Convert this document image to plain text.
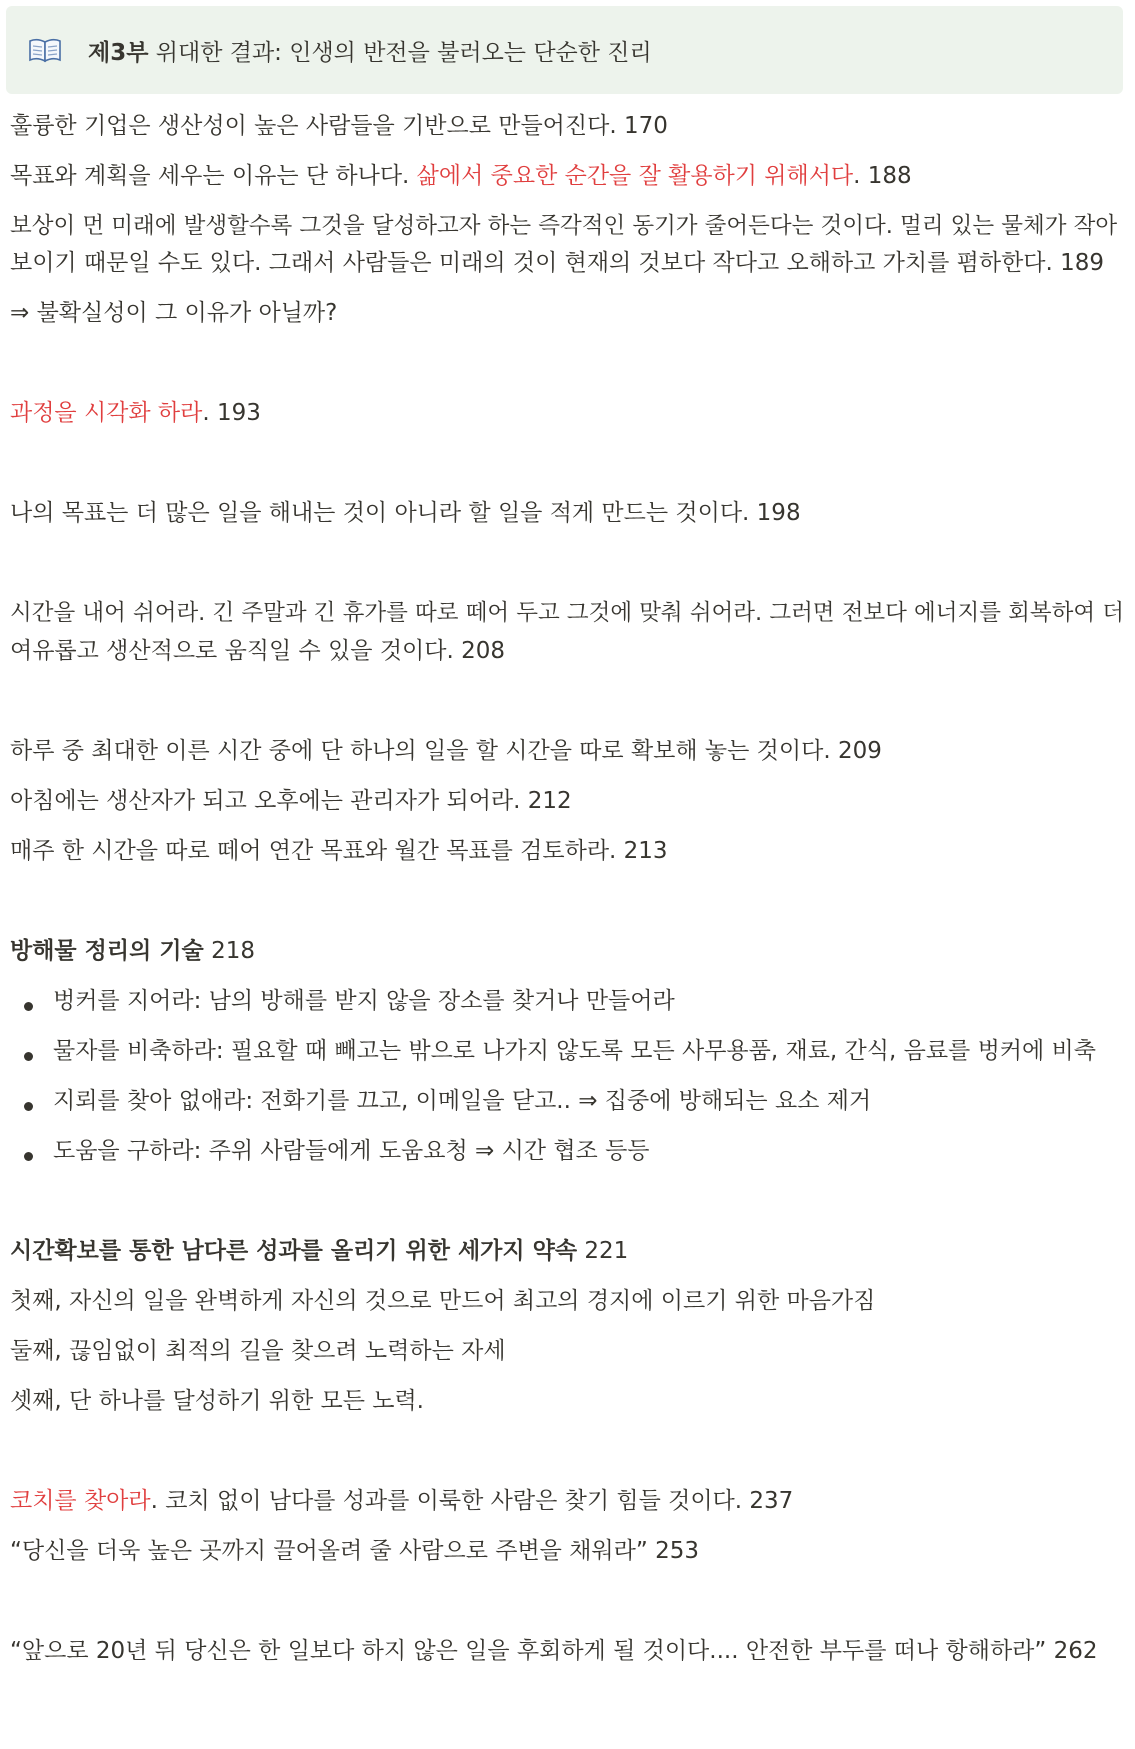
제3부 위대한 결과: 인생의 반전을 불러오는 단순한 진리
훌륭한 기업은 생산성이 높은 사람들을 기반으로 만들어진다. 170
목표와 계획을 세우는 이유는 단 하나다. 삶에서 중요한 순간을 잘 활용하기 위해서다. 188
보상이 먼 미래에 발생할수록 그것을 달성하고자 하는 즉각적인 동기가 줄어든다는 것이다. 멀리 있는 물체가 작아
보이기 때문일 수도 있다. 그래서 사람들은 미래의 것이 현재의 것보다 작다고 오해하고 가치를 폄하한다. 189
⇒ 불확실성이 그 이유가 아닐까?
과정을 시각화 하라. 193
나의 목표는 더 많은 일을 해내는 것이 아니라 할 일을 적게 만드는 것이다. 198
시간을 내어 쉬어라. 긴 주말과 긴 휴가를 따로 떼어 두고 그것에 맞춰 쉬어라. 그러면 전보다 에너지를 회복하여 더
여유롭고 생산적으로 움직일 수 있을 것이다. 208
하루 중 최대한 이른 시간 중에 단 하나의 일을 할 시간을 따로 확보해 놓는 것이다. 209
아침에는 생산자가 되고 오후에는 관리자가 되어라. 212
매주 한 시간을 따로 떼어 연간 목표와 월간 목표를 검토하라. 213
방해물 정리의 기술 218
벙커를 지어라: 남의 방해를 받지 않을 장소를 찾거나 만들어라
물자를 비축하라: 필요할 때 빼고는 밖으로 나가지 않도록 모든 사무용품, 재료, 간식, 음료를 벙커에 비축
지뢰를 찾아 없애라: 전화기를 끄고, 이메일을 닫고.. ⇒ 집중에 방해되는 요소 제거
도움을 구하라: 주위 사람들에게 도움요청 ⇒ 시간 협조 등등
시간확보를 통한 남다른 성과를 올리기 위한 세가지 약속 221
첫째, 자신의 일을 완벽하게 자신의 것으로 만드어 최고의 경지에 이르기 위한 마음가짐
둘째, 끊임없이 최적의 길을 찾으려 노력하는 자세
셋째, 단 하나를 달성하기 위한 모든 노력.
코치를 찾아라. 코치 없이 남다를 성과를 이룩한 사람은 찾기 힘들 것이다. 237
“당신을 더욱 높은 곳까지 끌어올려 줄 사람으로 주변을 채워라” 253
“앞으로 20년 뒤 당신은 한 일보다 하지 않은 일을 후회하게 될 것이다.... 안전한 부두를 떠나 항해하라” 262
